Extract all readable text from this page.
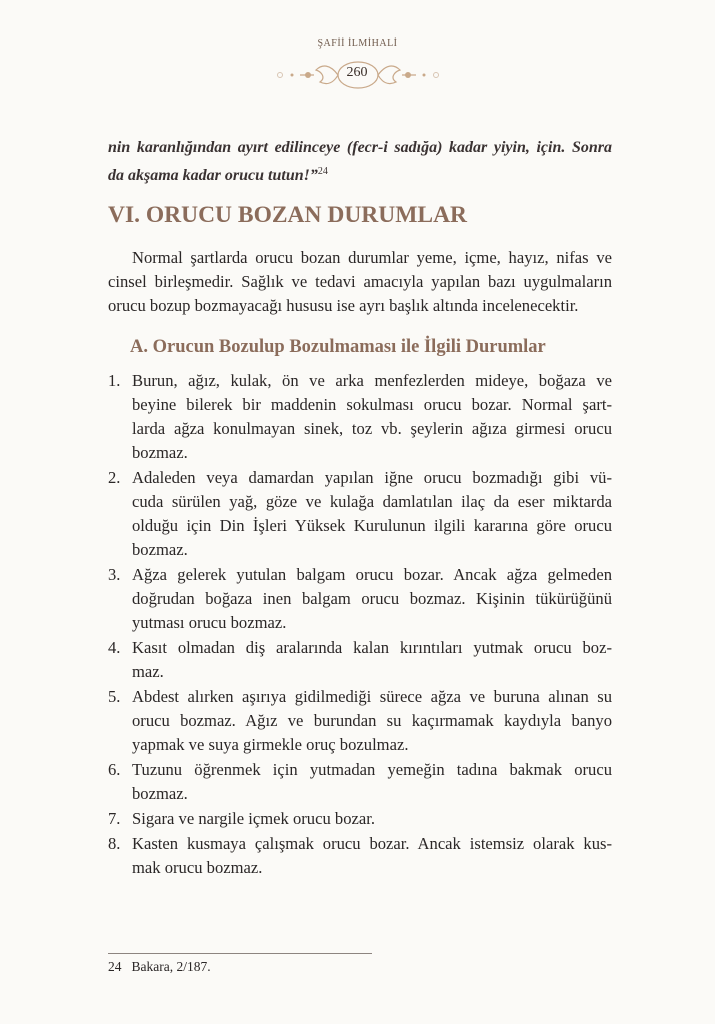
ŞAFİİ İLMİHALİ
260
nin karanlığından ayırt edilinceye (fecr-i sadığa) kadar yiyin, için. Sonra
da akşama kadar orucu tutun!”$^{24}$
VI. ORUCU BOZAN DURUMLAR
Normal şartlarda orucu bozan durumlar yeme, içme, hayız, nifas ve
cinsel birleşmedir. Sağlık ve tedavi amacıyla yapılan bazı uygulmaların
orucu bozup bozmayacağı hususu ise ayrı başlık altında incelenecektir.
A. Orucun Bozulup Bozulmaması ile İlgili Durumlar
1. Burun, ağız, kulak, ön ve arka menfezlerden mideye, boğaza ve
beyine bilerek bir maddenin sokulması orucu bozar. Normal şart-
larda ağza konulmayan sinek, toz vb. şeylerin ağıza girmesi orucu
bozmaz.
2. Adaleden veya damardan yapılan iğne orucu bozmadığı gibi vü-
cuda sürülen yağ, göze ve kulağa damlatılan ilaç da eser miktarda
olduğu için Din İşleri Yüksek Kurulunun ilgili kararına göre orucu
bozmaz.
3. Ağza gelerek yutulan balgam orucu bozar. Ancak ağza gelmeden
doğrudan boğaza inen balgam orucu bozmaz. Kişinin tükürüğünü
yutması orucu bozmaz.
4. Kasıt olmadan diş aralarında kalan kırıntıları yutmak orucu boz-
maz.
5. Abdest alırken aşırıya gidilmediği sürece ağza ve buruna alınan su
orucu bozmaz. Ağız ve burundan su kaçırmamak kaydıyla banyo
yapmak ve suya girmekle oruç bozulmaz.
6. Tuzunu öğrenmek için yutmadan yemeğin tadına bakmak orucu
bozmaz.
7. Sigara ve nargile içmek orucu bozar.
8. Kasten kusmaya çalışmak orucu bozar. Ancak istemsiz olarak kus-
mak orucu bozmaz.
24 Bakara, 2/187.
